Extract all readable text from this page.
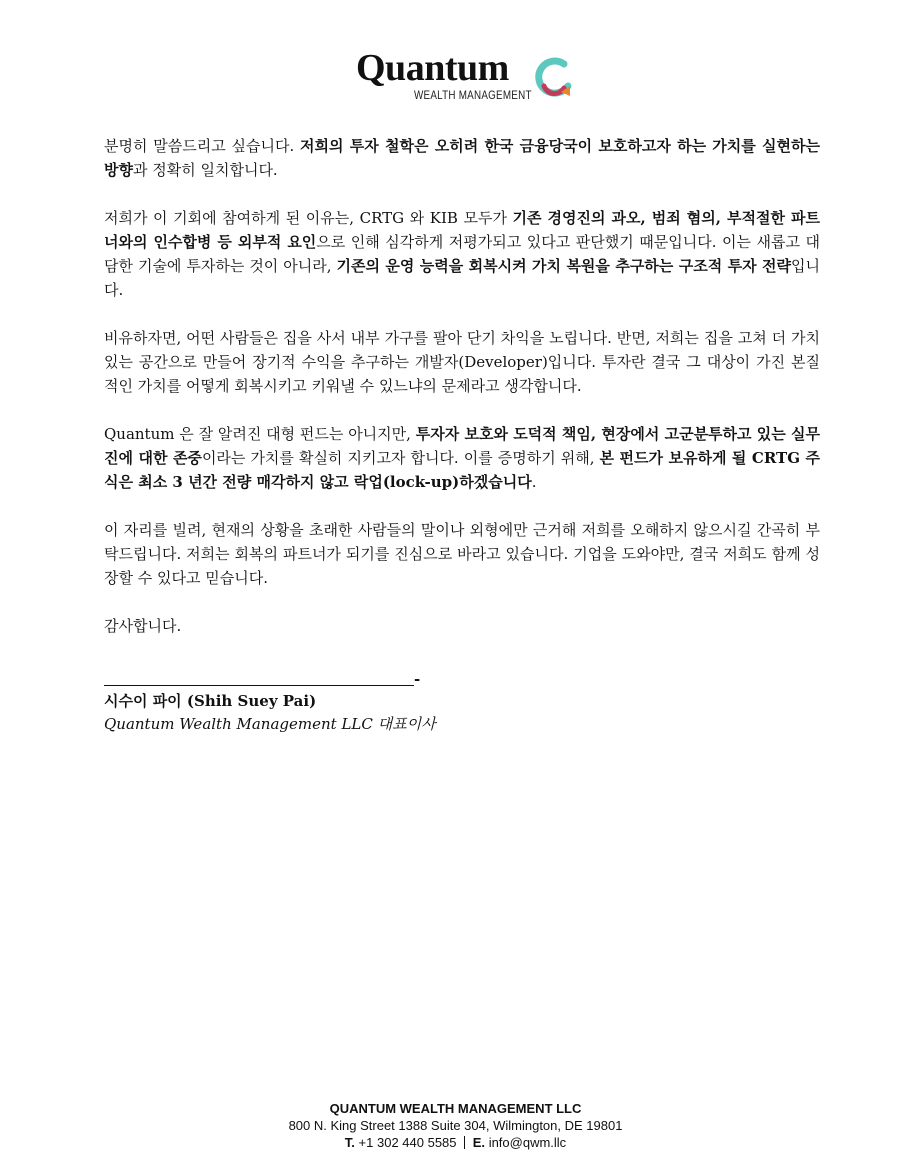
Quantum
WEALTH MANAGEMENT

분명히 말씀드리고 싶습니다. 저희의 투자 철학은 오히려 한국 금융당국이 보호하고자 하는 가치를 실현하는 방향과 정확히 일치합니다.

저희가 이 기회에 참여하게 된 이유는, CRTG 와 KIB 모두가 기존 경영진의 과오, 범죄 혐의, 부적절한 파트너와의 인수합병 등 외부적 요인으로 인해 심각하게 저평가되고 있다고 판단했기 때문입니다. 이는 새롭고 대담한 기술에 투자하는 것이 아니라, 기존의 운영 능력을 회복시켜 가치 복원을 추구하는 구조적 투자 전략입니다.

비유하자면, 어떤 사람들은 집을 사서 내부 가구를 팔아 단기 차익을 노립니다. 반면, 저희는 집을 고쳐 더 가치 있는 공간으로 만들어 장기적 수익을 추구하는 개발자(Developer)입니다. 투자란 결국 그 대상이 가진 본질적인 가치를 어떻게 회복시키고 키워낼 수 있느냐의 문제라고 생각합니다.

Quantum 은 잘 알려진 대형 펀드는 아니지만, 투자자 보호와 도덕적 책임, 현장에서 고군분투하고 있는 실무진에 대한 존중이라는 가치를 확실히 지키고자 합니다. 이를 증명하기 위해, 본 펀드가 보유하게 될 CRTG 주식은 최소 3 년간 전량 매각하지 않고 락업(lock-up)하겠습니다.

이 자리를 빌려, 현재의 상황을 초래한 사람들의 말이나 외형에만 근거해 저희를 오해하지 않으시길 간곡히 부탁드립니다. 저희는 회복의 파트너가 되기를 진심으로 바라고 있습니다. 기업을 도와야만, 결국 저희도 함께 성장할 수 있다고 믿습니다.

감사합니다.

-
시수이 파이 (Shih Suey Pai)
Quantum Wealth Management LLC 대표이사
QUANTUM WEALTH MANAGEMENT LLC
800 N. King Street 1388 Suite 304, Wilmington, DE 19801
T. +1 302 440 5585 E. info@qwm.llc
